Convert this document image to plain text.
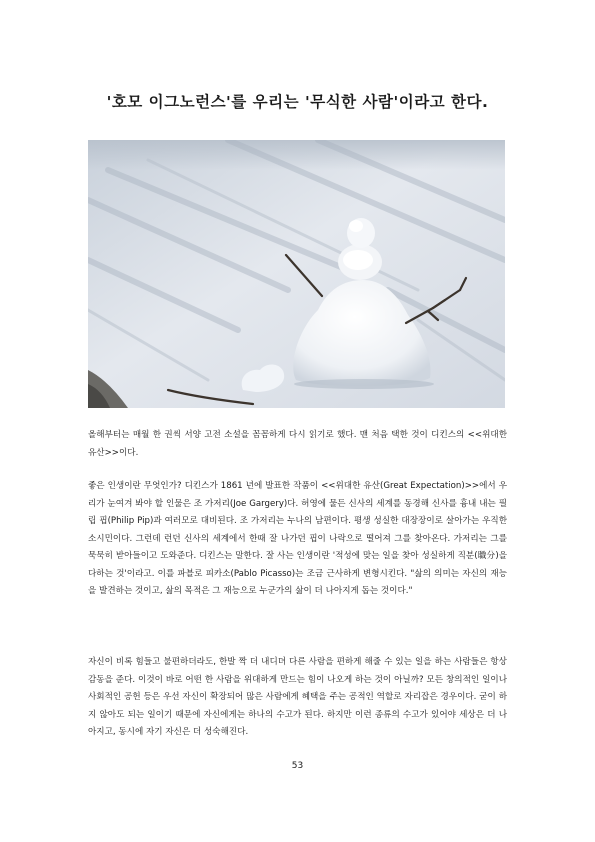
'호모 이그노런스'를 우리는 '무식한 사람'이라고 한다.

올해부터는 매월 한 권씩 서양 고전 소설을 꼼꼼하게 다시 읽기로 했다. 맨 처음 택한 것이 디킨스의 <<위대한 유산>>이다.

좋은 인생이란 무엇인가? 디킨스가 1861 년에 발표한 작품이 <<위대한 유산(Great Expectation)>>에서 우리가 눈여겨 봐야 할 인물은 조 가저리(Joe Gargery)다. 허영에 물든 신사의 세계를 동경해 신사를 흉내 내는 필립 핍(Philip Pip)과 여러모로 대비된다. 조 가저리는 누나의 남편이다. 평생 성실한 대장장이로 살아가는 우직한 소시민이다. 그런데 런던 신사의 세계에서 한때 잘 나가던 핍이 나락으로 떨어져 그를 찾아온다. 가저리는 그를 묵묵히 받아들이고 도와준다. 디킨스는 말한다. 잘 사는 인생이란 '적성에 맞는 일을 찾아 성실하게 직분(職分)을 다하는 것'이라고. 이를 파블로 피카소(Pablo Picasso)는 조금 근사하게 변형시킨다. "삶의 의미는 자신의 재능을 발견하는 것이고, 삶의 목적은 그 재능으로 누군가의 삶이 더 나아지게 돕는 것이다."

자신이 비록 힘들고 불편하더라도, 한발 짝 더 내디뎌 다른 사람을 편하게 해줄 수 있는 일을 하는 사람들은 항상 감동을 준다. 이것이 바로 어떤 한 사람을 위대하게 만드는 힘이 나오게 하는 것이 아닐까? 모든 창의적인 일이나 사회적인 공헌 등은 우선 자신이 확장되어 많은 사람에게 혜택을 주는 공적인 역할로 자리잡은 경우이다. 굳이 하지 않아도 되는 일이기 때문에 자신에게는 하나의 수고가 된다. 하지만 이런 종류의 수고가 있어야 세상은 더 나아지고, 동시에 자기 자신은 더 성숙해진다.

53
